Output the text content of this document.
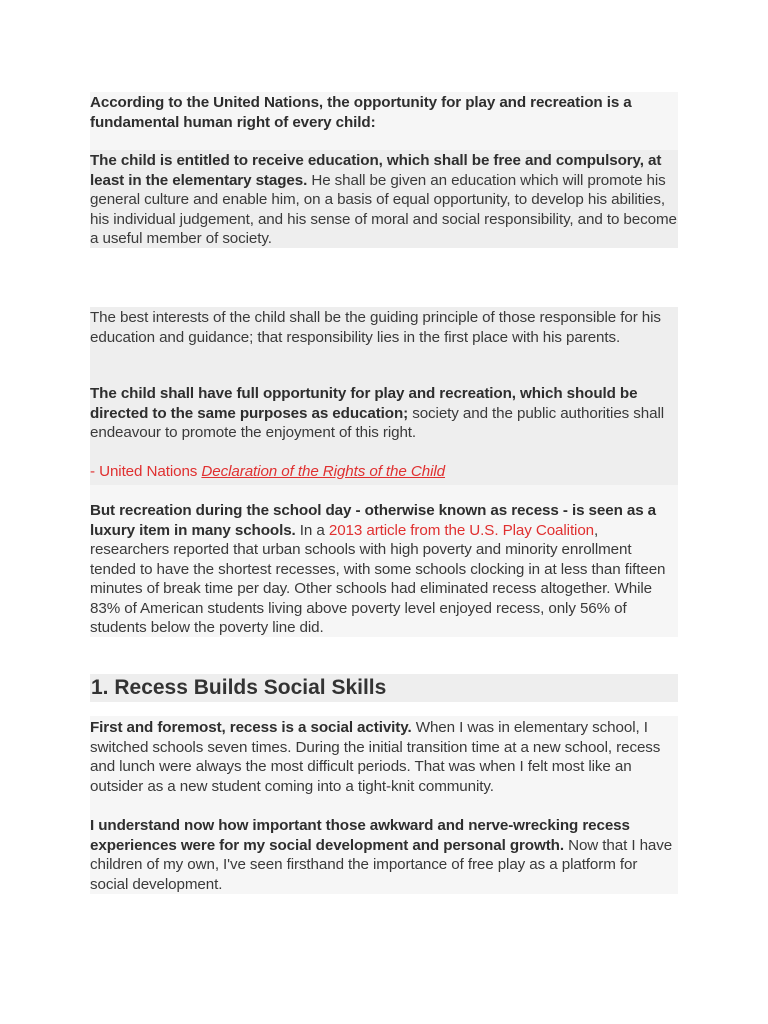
According to the United Nations, the opportunity for play and recreation is a fundamental human right of every child:

The child is entitled to receive education, which shall be free and compulsory, at least in the elementary stages. He shall be given an education which will promote his general culture and enable him, on a basis of equal opportunity, to develop his abilities, his individual judgement, and his sense of moral and social responsibility, and to become a useful member of society.

The best interests of the child shall be the guiding principle of those responsible for his education and guidance; that responsibility lies in the first place with his parents.

The child shall have full opportunity for play and recreation, which should be directed to the same purposes as education; society and the public authorities shall endeavour to promote the enjoyment of this right.

- United Nations Declaration of the Rights of the Child

But recreation during the school day - otherwise known as recess - is seen as a luxury item in many schools. In a 2013 article from the U.S. Play Coalition, researchers reported that urban schools with high poverty and minority enrollment tended to have the shortest recesses, with some schools clocking in at less than fifteen minutes of break time per day. Other schools had eliminated recess altogether. While 83% of American students living above poverty level enjoyed recess, only 56% of students below the poverty line did.

1. Recess Builds Social Skills

First and foremost, recess is a social activity. When I was in elementary school, I switched schools seven times. During the initial transition time at a new school, recess and lunch were always the most difficult periods. That was when I felt most like an outsider as a new student coming into a tight-knit community.

I understand now how important those awkward and nerve-wrecking recess experiences were for my social development and personal growth. Now that I have children of my own, I've seen firsthand the importance of free play as a platform for social development.
